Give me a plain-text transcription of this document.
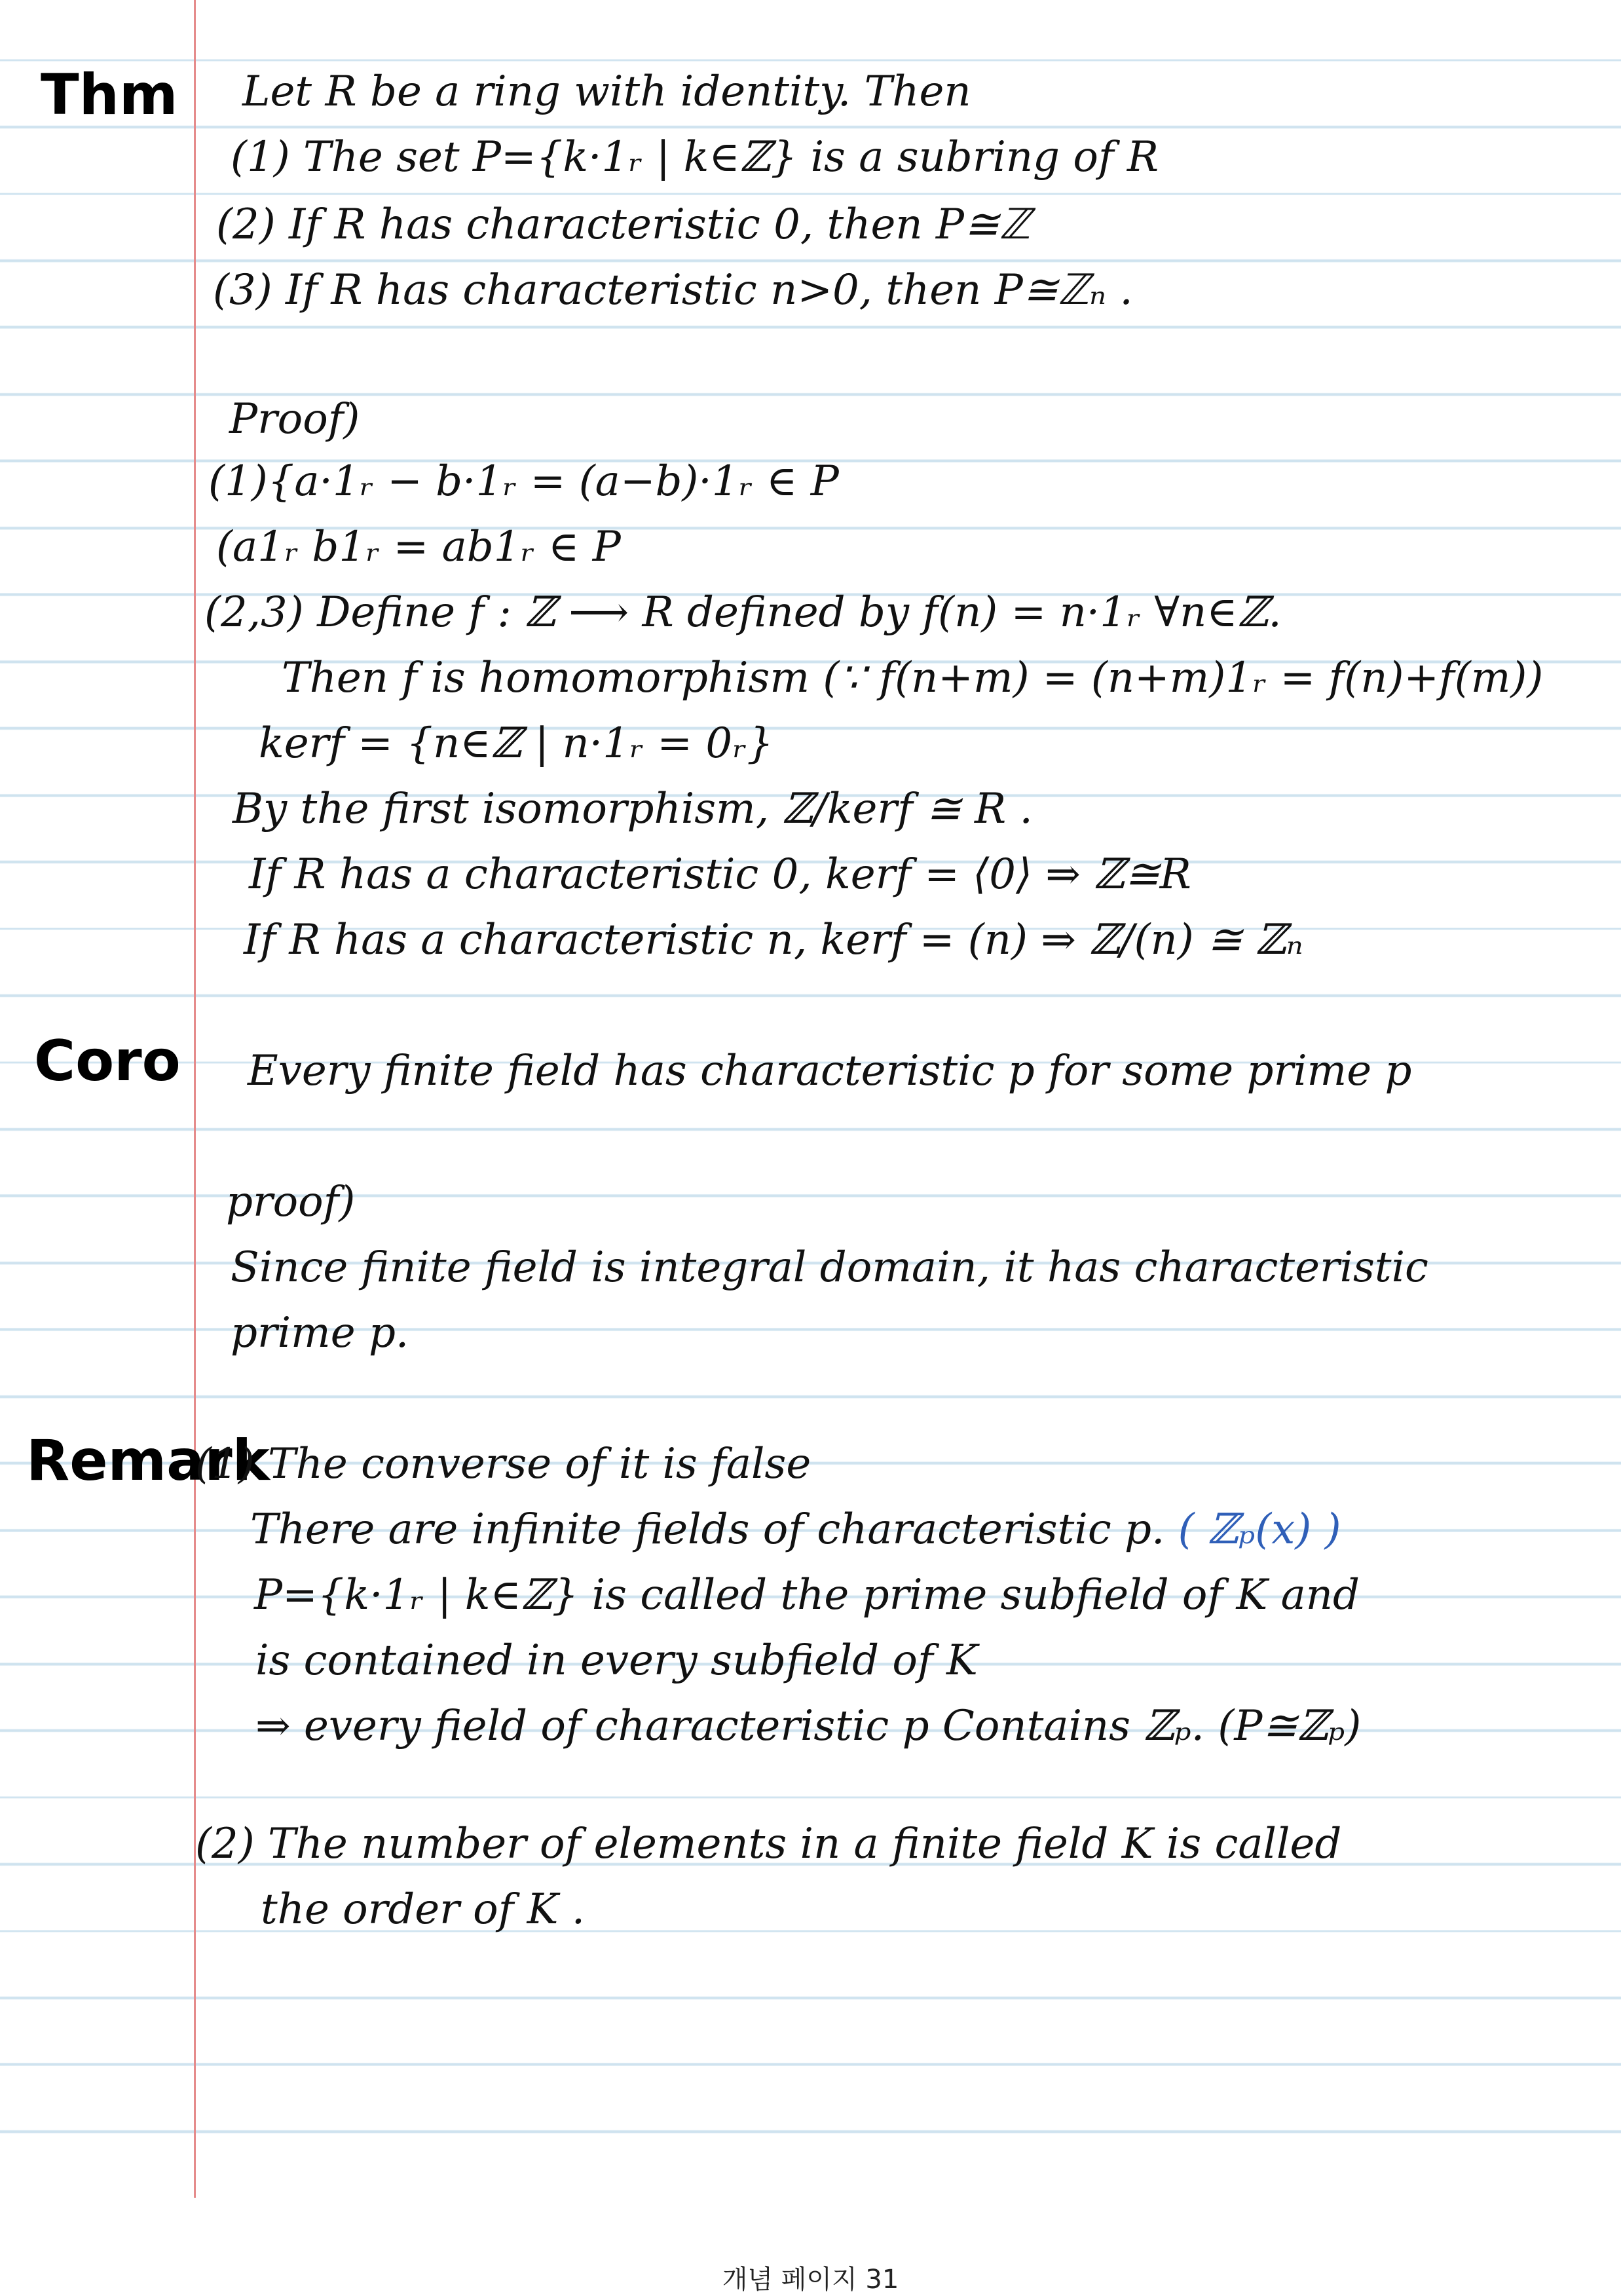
Thm Let R be a ring with identity. Then
(1) The set P={k·1ᵣ | k∈ℤ} is a subring of R
(2) If R has characteristic 0, then P≅ℤ
(3) If R has characteristic n>0, then P≅ℤₙ .
Proof)
(1){a·1ᵣ − b·1ᵣ = (a−b)·1ᵣ ∈ P
(a1ᵣ b1ᵣ = ab1ᵣ ∈ P
(2,3) Define f : ℤ ⟶ R defined by f(n) = n·1ᵣ ∀n∈ℤ.
Then f is homomorphism (∵ f(n+m) = (n+m)1ᵣ = f(n)+f(m))
kerf = {n∈ℤ | n·1ᵣ = 0ᵣ}
By the first isomorphism, ℤ/kerf ≅ R .
If R has a characteristic 0, kerf = ⟨0⟩ ⇒ ℤ≅R
If R has a characteristic n, kerf = (n) ⇒ ℤ/(n) ≅ ℤₙ
Coro Every finite field has characteristic p for some prime p
proof)
Since finite field is integral domain, it has characteristic
prime p.
Remark
(1) The converse of it is false
There are infinite fields of characteristic p. ( ℤₚ(x) )
P={k·1ᵣ | k∈ℤ} is called the prime subfield of K and
is contained in every subfield of K
⇒ every field of characteristic p Contains ℤₚ. (P≅ℤₚ)
(2) The number of elements in a finite field K is called
the order of K .
개념 페이지 31
